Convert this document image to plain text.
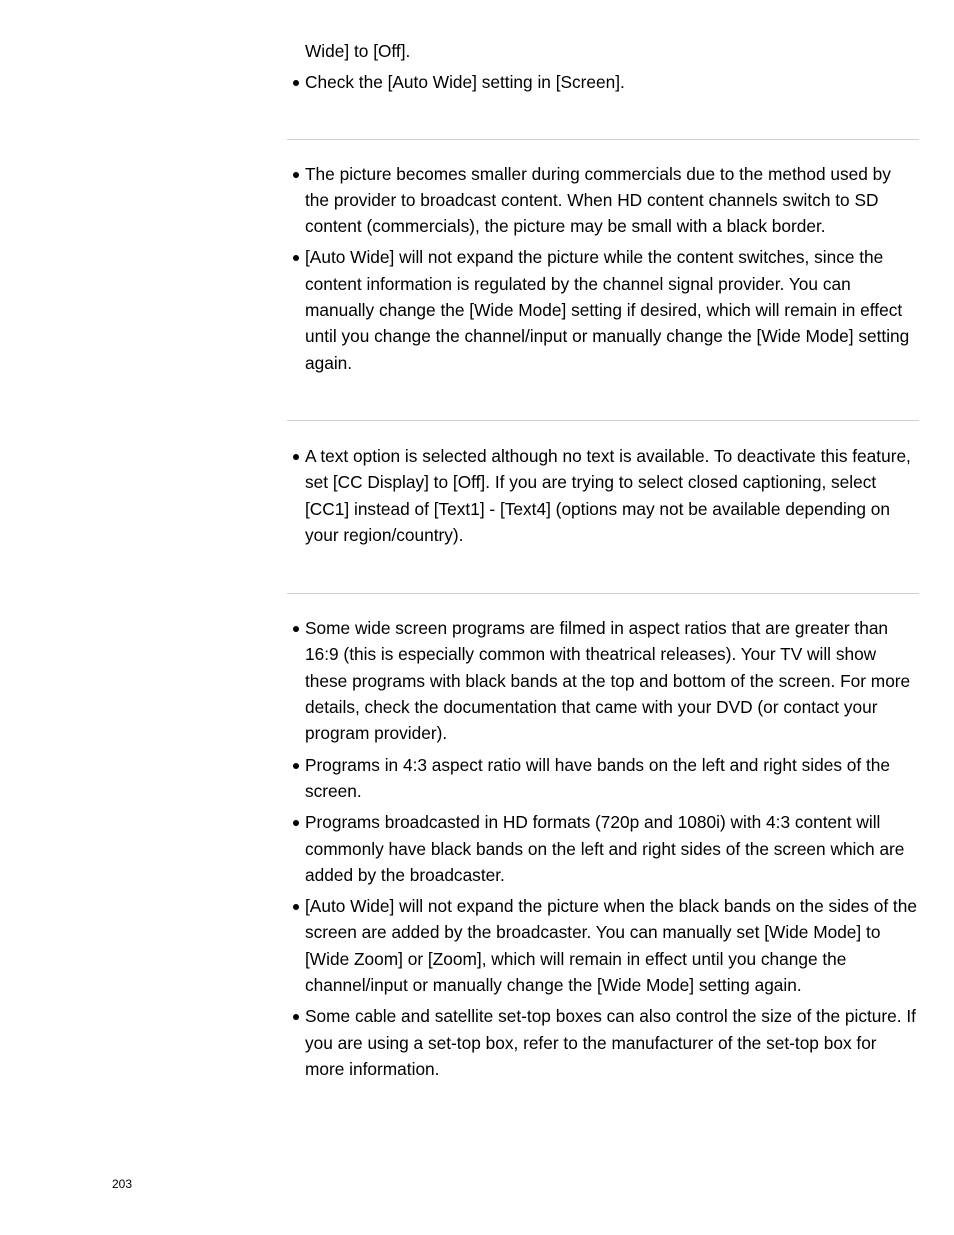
Wide] to [Off].

Check the [Auto Wide] setting in [Screen].

The picture becomes smaller during commercials due to the method used by the provider to broadcast content. When HD content channels switch to SD content (commercials), the picture may be small with a black border.

[Auto Wide] will not expand the picture while the content switches, since the content information is regulated by the channel signal provider. You can manually change the [Wide Mode] setting if desired, which will remain in effect until you change the channel/input or manually change the [Wide Mode] setting again.

A text option is selected although no text is available. To deactivate this feature, set [CC Display] to [Off]. If you are trying to select closed captioning, select [CC1] instead of [Text1] - [Text4] (options may not be available depending on your region/country).

Some wide screen programs are filmed in aspect ratios that are greater than 16:9 (this is especially common with theatrical releases). Your TV will show these programs with black bands at the top and bottom of the screen. For more details, check the documentation that came with your DVD (or contact your program provider).

Programs in 4:3 aspect ratio will have bands on the left and right sides of the screen.

Programs broadcasted in HD formats (720p and 1080i) with 4:3 content will commonly have black bands on the left and right sides of the screen which are added by the broadcaster.

[Auto Wide] will not expand the picture when the black bands on the sides of the screen are added by the broadcaster. You can manually set [Wide Mode] to [Wide Zoom] or [Zoom], which will remain in effect until you change the channel/input or manually change the [Wide Mode] setting again.

Some cable and satellite set-top boxes can also control the size of the picture. If you are using a set-top box, refer to the manufacturer of the set-top box for more information.

203
